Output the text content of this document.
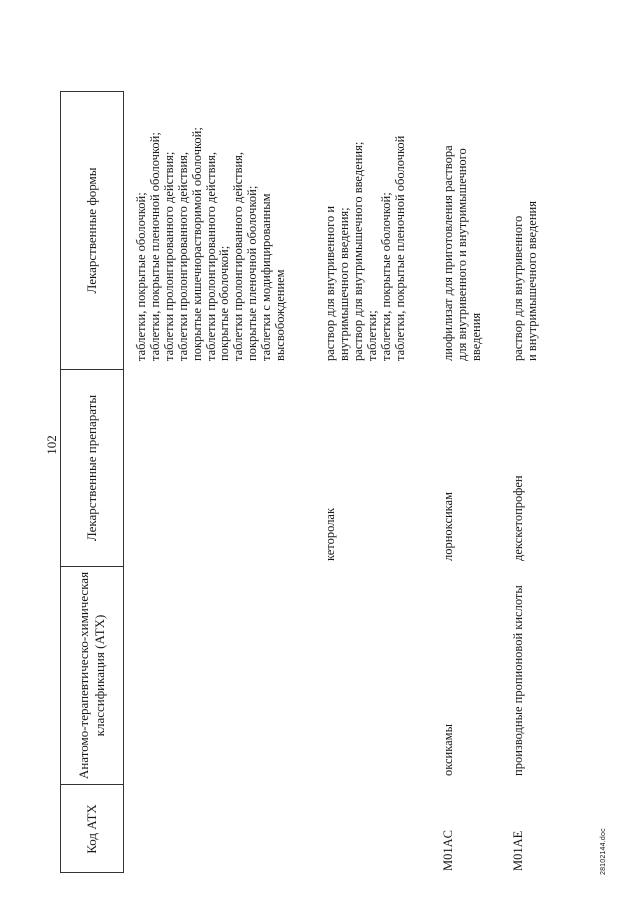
102
Код АТХ
Анатомо-терапевтическо-химическая классификация (АТХ)
Лекарственные препараты
Лекарственные формы	таблетки, покрытые оболочкой; таблетки, покрытые пленочной оболочкой; таблетки пролонгированного действия; таблетки пролонгированного действия, покрытые кишечнорастворимой оболочкой; таблетки пролонгированного действия, покрытые оболочкой; таблетки пролонгированного действия, покрытые пленочной оболочкой; таблетки с модифицированным высвобождением
кеторолак
раствор для внутривенного и внутримышечного введения; раствор для внутримышечного введения; таблетки; таблетки, покрытые оболочкой; таблетки, покрытые пленочной оболочкой
M01AC
оксикамы
лорноксикам
лиофилизат для приготовления раствора для внутривенного и внутримышечного введения
M01AE
производные пропионовой кислоты
декскетопрофен
раствор для внутривенного и внутримышечного введения
28102144.doc
